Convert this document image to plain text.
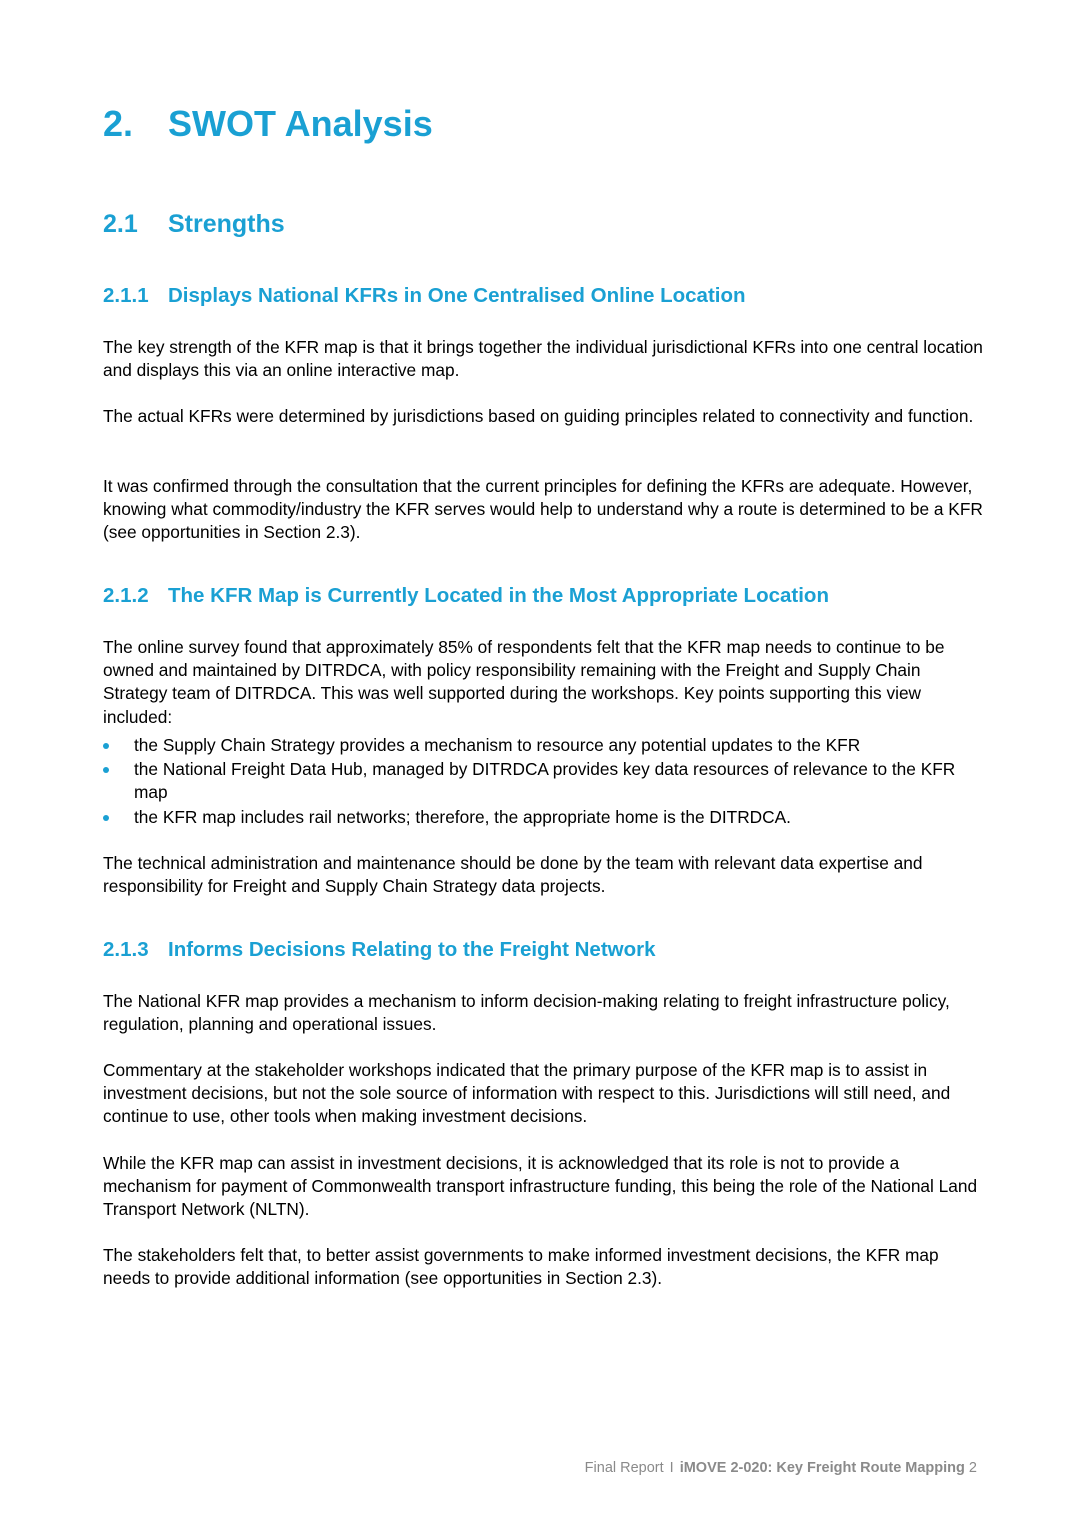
2. SWOT Analysis
2.1 Strengths
2.1.1 Displays National KFRs in One Centralised Online Location

The key strength of the KFR map is that it brings together the individual jurisdictional KFRs into one central location and displays this via an online interactive map.

The actual KFRs were determined by jurisdictions based on guiding principles related to connectivity and function.

It was confirmed through the consultation that the current principles for defining the KFRs are adequate. However, knowing what commodity/industry the KFR serves would help to understand why a route is determined to be a KFR (see opportunities in Section 2.3).

2.1.2 The KFR Map is Currently Located in the Most Appropriate Location

The online survey found that approximately 85% of respondents felt that the KFR map needs to continue to be owned and maintained by DITRDCA, with policy responsibility remaining with the Freight and Supply Chain Strategy team of DITRDCA. This was well supported during the workshops. Key points supporting this view included:

the Supply Chain Strategy provides a mechanism to resource any potential updates to the KFR
the National Freight Data Hub, managed by DITRDCA provides key data resources of relevance to the KFR map
the KFR map includes rail networks; therefore, the appropriate home is the DITRDCA.

The technical administration and maintenance should be done by the team with relevant data expertise and responsibility for Freight and Supply Chain Strategy data projects.

2.1.3 Informs Decisions Relating to the Freight Network

The National KFR map provides a mechanism to inform decision-making relating to freight infrastructure policy, regulation, planning and operational issues.

Commentary at the stakeholder workshops indicated that the primary purpose of the KFR map is to assist in investment decisions, but not the sole source of information with respect to this. Jurisdictions will still need, and continue to use, other tools when making investment decisions.

While the KFR map can assist in investment decisions, it is acknowledged that its role is not to provide a mechanism for payment of Commonwealth transport infrastructure funding, this being the role of the National Land Transport Network (NLTN).

The stakeholders felt that, to better assist governments to make informed investment decisions, the KFR map needs to provide additional information (see opportunities in Section 2.3).

Final Report I iMOVE 2-020: Key Freight Route Mapping 2
